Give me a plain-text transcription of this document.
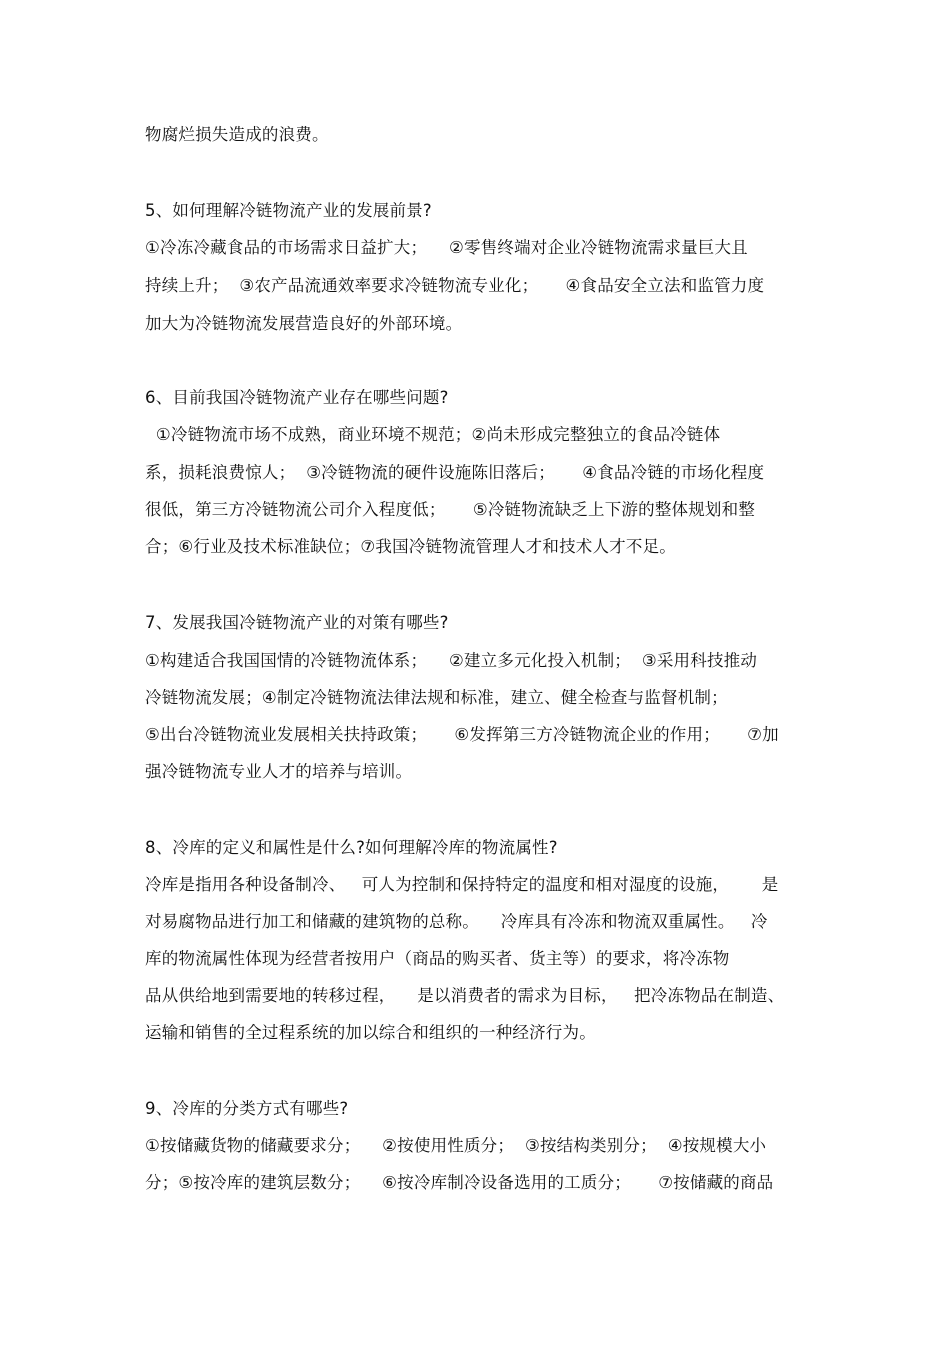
物腐烂损失造成的浪费。
5、如何理解冷链物流产业的发展前景?
①冷冻冷藏食品的市场需求日益扩大；    ②零售终端对企业冷链物流需求量巨大且
持续上升；  ③农产品流通效率要求冷链物流专业化；     ④食品安全立法和监管力度
加大为冷链物流发展营造良好的外部环境。
6、目前我国冷链物流产业存在哪些问题?
①冷链物流市场不成熟，商业环境不规范；②尚未形成完整独立的食品冷链体
系，损耗浪费惊人；  ③冷链物流的硬件设施陈旧落后；     ④食品冷链的市场化程度
很低，第三方冷链物流公司介入程度低；     ⑤冷链物流缺乏上下游的整体规划和整
合；⑥行业及技术标准缺位；⑦我国冷链物流管理人才和技术人才不足。
7、发展我国冷链物流产业的对策有哪些?
①构建适合我国国情的冷链物流体系；    ②建立多元化投入机制；  ③采用科技推动
冷链物流发展；④制定冷链物流法律法规和标准，建立、健全检查与监督机制；
⑤出台冷链物流业发展相关扶持政策；     ⑥发挥第三方冷链物流企业的作用；     ⑦加
强冷链物流专业人才的培养与培训。
8、冷库的定义和属性是什么?如何理解冷库的物流属性?
冷库是指用各种设备制冷、   可人为控制和保持特定的温度和相对湿度的设施，      是
对易腐物品进行加工和储藏的建筑物的总称。    冷库具有冷冻和物流双重属性。   冷
库的物流属性体现为经营者按用户（商品的购买者、货主等）的要求，将冷冻物
品从供给地到需要地的转移过程，    是以消费者的需求为目标，   把冷冻物品在制造、
运输和销售的全过程系统的加以综合和组织的一种经济行为。
9、冷库的分类方式有哪些?
①按储藏货物的储藏要求分；    ②按使用性质分；  ③按结构类别分；  ④按规模大小
分；⑤按冷库的建筑层数分；    ⑥按冷库制冷设备选用的工质分；     ⑦按储藏的商品
